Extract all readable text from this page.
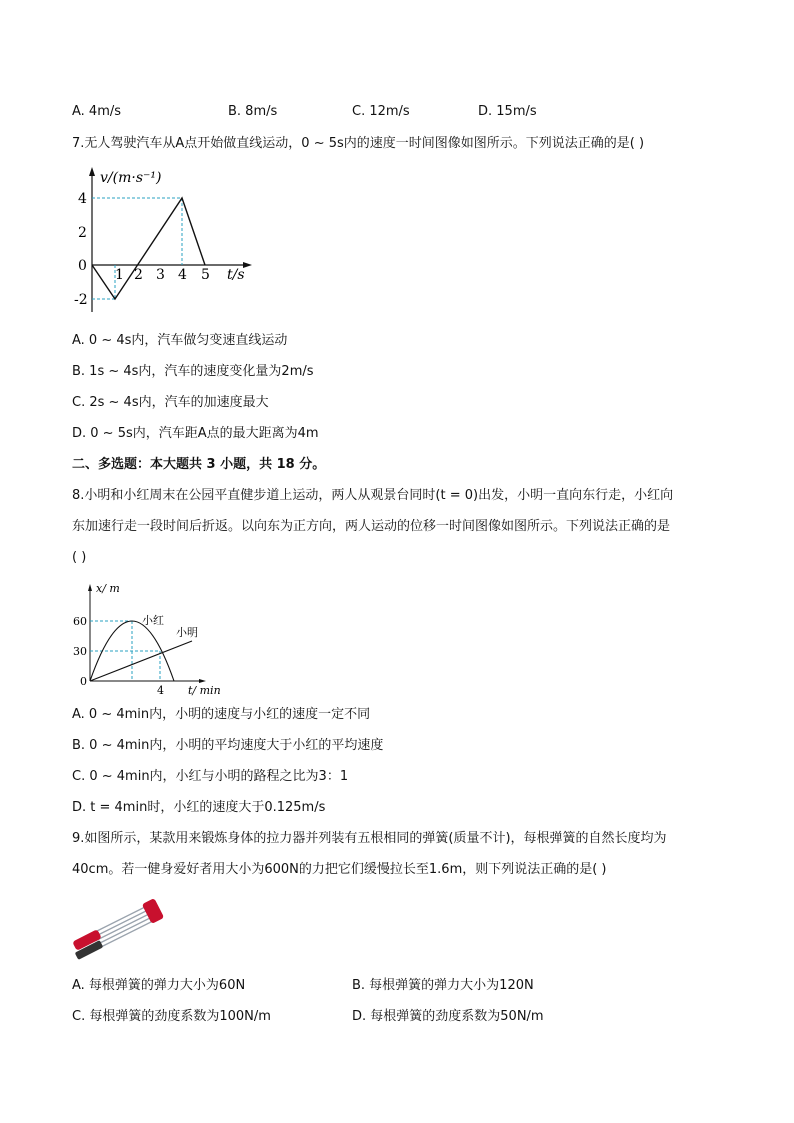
A. 4m/s	B. 8m/s	C. 12m/s	D. 15m/s
7.无人驾驶汽车从A点开始做直线运动，0 ~ 5s内的速度一时间图像如图所示。下列说法正确的是( )
v/(m·s⁻¹)
4
2
0
-2
1 2 3 4 5 t/s
A. 0 ~ 4s内，汽车做匀变速直线运动
B. 1s ~ 4s内，汽车的速度变化量为2m/s
C. 2s ~ 4s内，汽车的加速度最大
D. 0 ~ 5s内，汽车距A点的最大距离为4m
二、多选题：本大题共 3 小题，共 18 分。
8.小明和小红周末在公园平直健步道上运动，两人从观景台同时(t = 0)出发，小明一直向东行走，小红向
东加速行走一段时间后折返。以向东为正方向，两人运动的位移一时间图像如图所示。下列说法正确的是
( )
x/ m
60
30
0
4 t/ min
小红
小明
A. 0 ~ 4min内，小明的速度与小红的速度一定不同
B. 0 ~ 4min内，小明的平均速度大于小红的平均速度
C. 0 ~ 4min内，小红与小明的路程之比为3：1
D. t = 4min时，小红的速度大于0.125m/s
9.如图所示，某款用来锻炼身体的拉力器并列装有五根相同的弹簧(质量不计)，每根弹簧的自然长度均为
40cm。若一健身爱好者用大小为600N的力把它们缓慢拉长至1.6m，则下列说法正确的是( )
A. 每根弹簧的弹力大小为60N	B. 每根弹簧的弹力大小为120N
C. 每根弹簧的劲度系数为100N/m	D. 每根弹簧的劲度系数为50N/m
